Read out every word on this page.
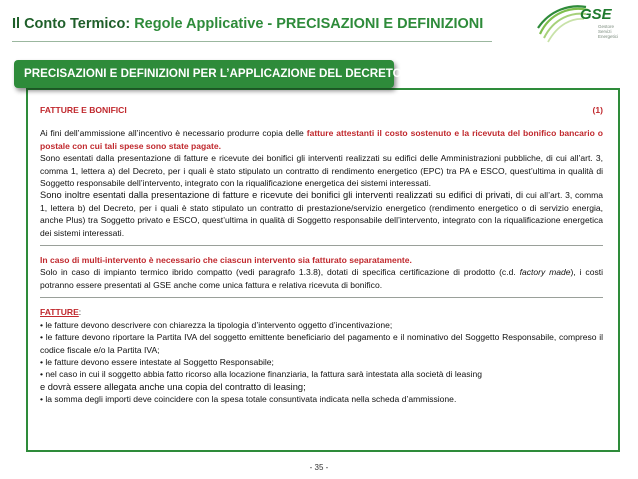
Il Conto Termico: Regole Applicative - PRECISAZIONI E DEFINIZIONI
GSE
Gestore Servizi Energetici
PRECISAZIONI E DEFINIZIONI PER L’APPLICAZIONE DEL DECRETO

FATTURE E BONIFICI	(1)

Ai fini dell’ammissione all’incentivo è necessario produrre copia delle fatture attestanti il costo sostenuto e la ricevuta del bonifico bancario o postale con cui tali spese sono state pagate.

Sono esentati dalla presentazione di fatture e ricevute dei bonifici gli interventi realizzati su edifici delle Amministrazioni pubbliche, di cui all’art. 3, comma 1, lettera a) del Decreto, per i quali è stato stipulato un contratto di rendimento energetico (EPC) tra PA e ESCO, quest’ultima in qualità di Soggetto responsabile dell’intervento, integrato con la riqualificazione energetica dei sistemi interessati.

Sono inoltre esentati dalla presentazione di fatture e ricevute dei bonifici gli interventi realizzati su edifici di privati, di cui all’art. 3, comma 1, lettera b) del Decreto, per i quali è stato stipulato un contratto di prestazione/servizio energetico (rendimento energetico o di servizio energia, anche Plus) tra Soggetto privato e ESCO, quest’ultima in qualità di Soggetto responsabile dell’intervento, integrato con la riqualificazione energetica dei sistemi interessati.

In caso di multi-intervento è necessario che ciascun intervento sia fatturato separatamente.

Solo in caso di impianto termico ibrido compatto (vedi paragrafo 1.3.8), dotati di specifica certificazione di prodotto (c.d. factory made), i costi potranno essere presentati al GSE anche come unica fattura e relativa ricevuta di bonifico.

FATTURE:

• le fatture devono descrivere con chiarezza la tipologia d’intervento oggetto d’incentivazione;

• le fatture devono riportare la Partita IVA del soggetto emittente beneficiario del pagamento e il nominativo del Soggetto Responsabile, compreso il codice fiscale e/o la Partita IVA;

• le fatture devono essere intestate al Soggetto Responsabile;

• nel caso in cui il soggetto abbia fatto ricorso alla locazione finanziaria, la fattura sarà intestata alla società di leasing

e dovrà essere allegata anche una copia del contratto di leasing;

• la somma degli importi deve coincidere con la spesa totale consuntivata indicata nella scheda d’ammissione.

- 35 -
